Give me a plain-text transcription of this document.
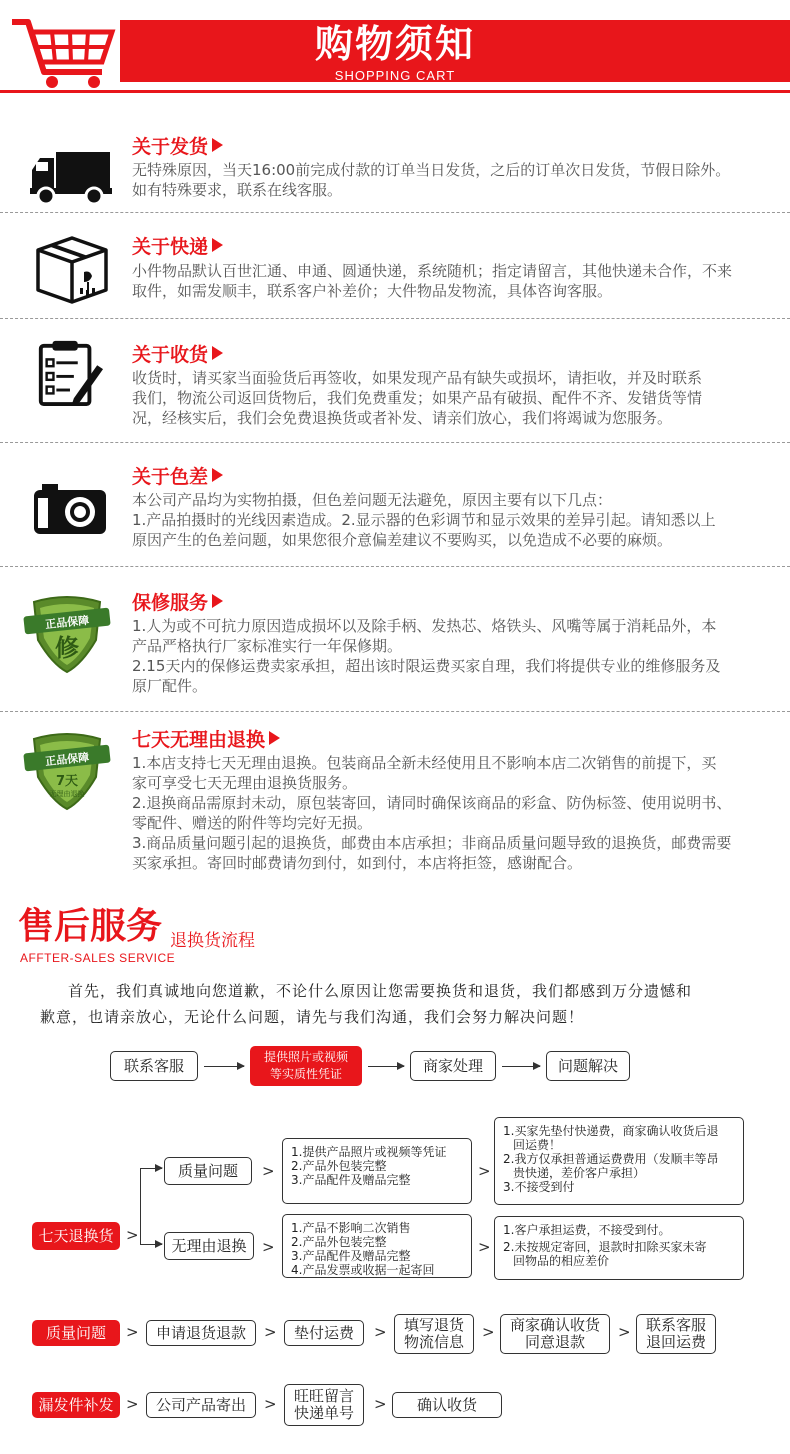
购物须知
SHOPPING CART
关于发货

无特殊原因，当天16:00前完成付款的订单当日发货，之后的订单次日发货，节假日除外。

如有特殊要求，联系在线客服。

关于快递

小件物品默认百世汇通、申通、圆通快递，系统随机；指定请留言，其他快递未合作，不来

取件，如需发顺丰，联系客户补差价；大件物品发物流，具体咨询客服。

关于收货

收货时，请买家当面验货后再签收，如果发现产品有缺失或损坏，请拒收，并及时联系

我们，物流公司返回货物后，我们免费重发；如果产品有破损、配件不齐、发错货等情

况，经核实后，我们会免费退换货或者补发、请亲们放心，我们将竭诚为您服务。

关于色差

本公司产品均为实物拍摄，但色差问题无法避免，原因主要有以下几点：

1.产品拍摄时的光线因素造成。2.显示器的色彩调节和显示效果的差异引起。请知悉以上

原因产生的色差问题，如果您很介意偏差建议不要购买，以免造成不必要的麻烦。

正品保障
修
保修服务

1.人为或不可抗力原因造成损坏以及除手柄、发热芯、烙铁头、风嘴等属于消耗品外，本

产品严格执行厂家标准实行一年保修期。

2.15天内的保修运费卖家承担，超出该时限运费买家自理，我们将提供专业的维修服务及

原厂配件。

正品保障
7天
无理由退换
七天无理由退换

1.本店支持七天无理由退换。包装商品全新未经使用且不影响本店二次销售的前提下，买

家可享受七天无理由退换货服务。

2.退换商品需原封未动，原包装寄回，请同时确保该商品的彩盒、防伪标签、使用说明书、

零配件、赠送的附件等均完好无损。

3.商品质量问题引起的退换货，邮费由本店承担；非商品质量问题导致的退换货，邮费需要

买家承担。寄回时邮费请勿到付，如到付，本店将拒签，感谢配合。

售后服务 退换货流程
AFFTER-SALES SERVICE
首先，我们真诚地向您道歉，不论什么原因让您需要换货和退货，我们都感到万分遗憾和
歉意，也请亲放心，无论什么问题，请先与我们沟通，我们会努力解决问题！
联系客服	提供照片或视频
等实质性凭证	商家处理	问题解决
七天退换货 >
质量问题	>
1.提供产品照片或视频等凭证
2.产品外包装完整
3.产品配件及赠品完整	>
1.买家先垫付快递费，商家确认收货后退
回运费！
2.我方仅承担普通运费费用（发顺丰等昂
贵快递，差价客户承担）
3.不接受到付
无理由退换	>
1.产品不影响二次销售
2.产品外包装完整
3.产品配件及赠品完整
4.产品发票或收据一起寄回
>
1.客户承担运费，不接受到付。
2.未按规定寄回，退款时扣除买家未寄
回物品的相应差价
质量问题	>	申请退货退款	>	垫付运费	> 填写退货
物流信息
> 商家确认收货
同意退款
> 联系客服
退回运费
漏发件补发 >	公司产品寄出	> 旺旺留言
快递单号 >	确认收货
